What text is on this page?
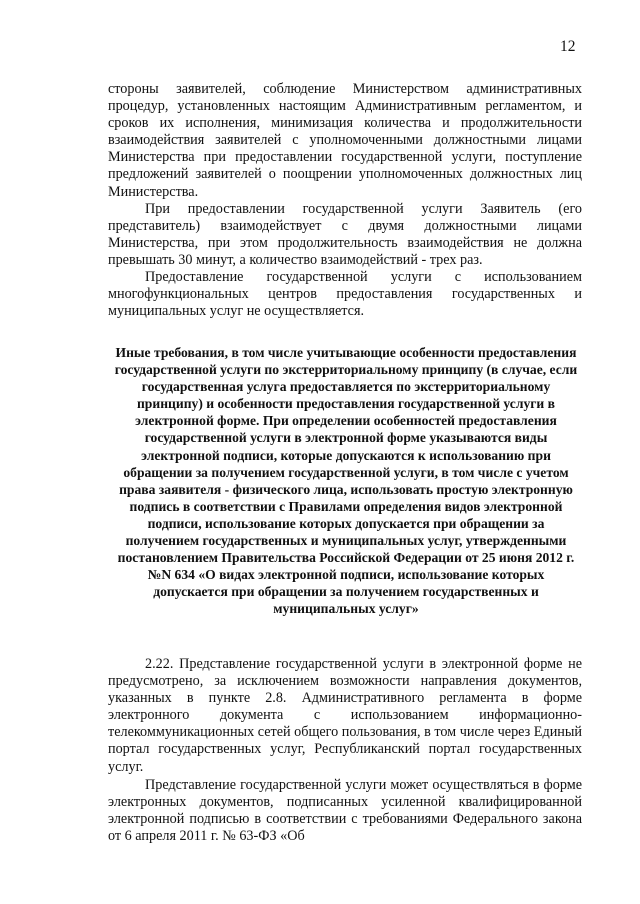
12

стороны заявителей, соблюдение Министерством административных процедур, установленных настоящим Административным регламентом, и сроков их исполнения, минимизация количества и продолжительности взаимодействия заявителей с уполномоченными должностными лицами Министерства при предоставлении государственной услуги, поступление предложений заявителей о поощрении уполномоченных должностных лиц Министерства.

При предоставлении государственной услуги Заявитель (его представитель) взаимодействует с двумя должностными лицами Министерства, при этом продолжительность взаимодействия не должна превышать 30 минут, а количество взаимодействий - трех раз.

Предоставление государственной услуги с использованием многофункциональных центров предоставления государственных и муниципальных услуг не осуществляется.

Иные требования, в том числе учитывающие особенности предоставления государственной услуги по экстерриториальному принципу (в случае, если государственная услуга предоставляется по экстерриториальному принципу) и особенности предоставления государственной услуги в электронной форме. При определении особенностей предоставления государственной услуги в электронной форме указываются виды электронной подписи, которые допускаются к использованию при обращении за получением государственной услуги, в том числе с учетом права заявителя - физического лица, использовать простую электронную подпись в соответствии с Правилами определения видов электронной подписи, использование которых допускается при обращении за получением государственных и муниципальных услуг, утвержденными постановлением Правительства Российской Федерации от 25 июня 2012 г. №N 634 «О видах электронной подписи, использование которых допускается при обращении за получением государственных и муниципальных услуг»

2.22. Представление государственной услуги в электронной форме не предусмотрено, за исключением возможности направления документов, указанных в пункте 2.8. Административного регламента в форме электронного документа с использованием информационно-телекоммуникационных сетей общего пользования, в том числе через Единый портал государственных услуг, Республиканский портал государственных услуг.

Представление государственной услуги может осуществляться в форме электронных документов, подписанных усиленной квалифицированной электронной подписью в соответствии с требованиями Федерального закона от 6 апреля 2011 г. № 63-ФЗ «Об
